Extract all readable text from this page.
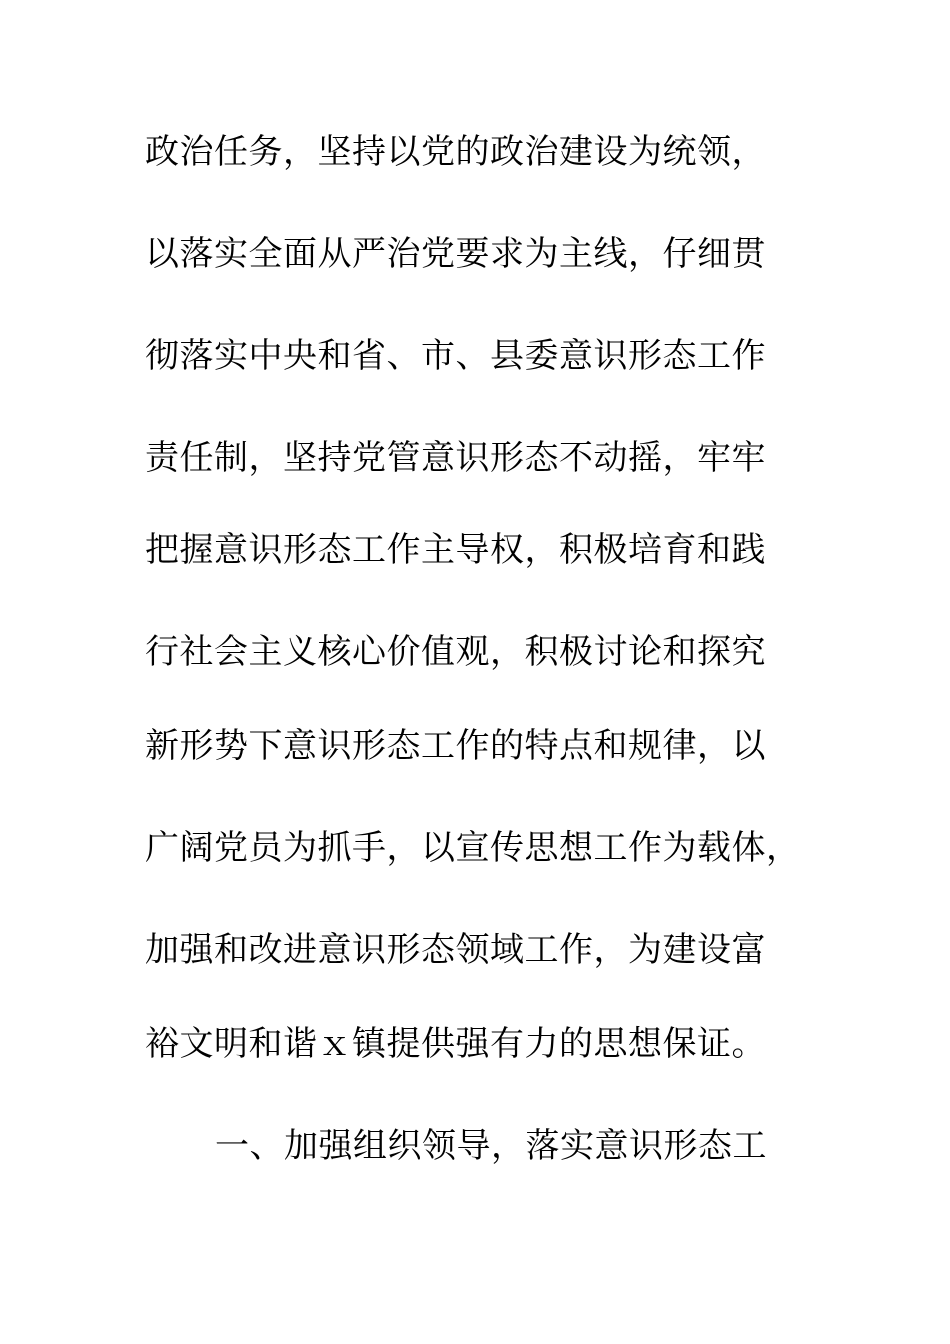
政治任务，坚持以党的政治建设为统领，
以落实全面从严治党要求为主线，仔细贯
彻落实中央和省、市、县委意识形态工作
责任制，坚持党管意识形态不动摇，牢牢
把握意识形态工作主导权，积极培育和践
行社会主义核心价值观，积极讨论和探究
新形势下意识形态工作的特点和规律，以
广阔党员为抓手，以宣传思想工作为载体，
加强和改进意识形态领域工作，为建设富
裕文明和谐ｘ镇提供强有力的思想保证。
一、加强组织领导，落实意识形态工
